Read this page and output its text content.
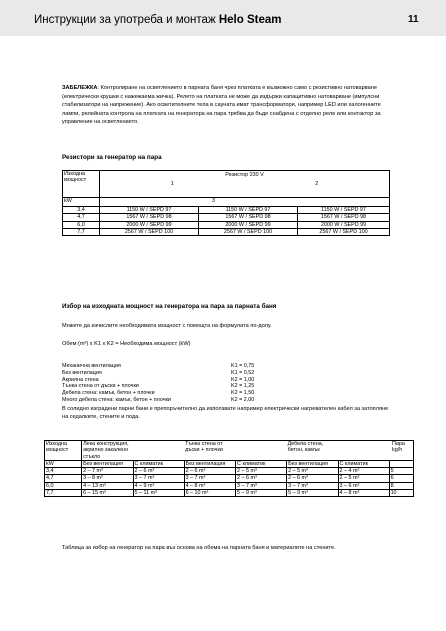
Инструкции за употреба и монтаж Helo Steam	11
ЗАБЕЛЕЖКА: Контролиране на осветлението в парната баня чрез платката е възможно само с резистивно натоварване (електрически крушки с нажежаема жичка). Релето на платката не може да издържи капацитивно натоварване (импулсни стабилизатори на напрежение). Ако осветителните тела в сауната имат трансформатори, например LED или халогенните лампи, релейната контрола на платката на генератора на пара трябва да бъде снабдена с отделно реле или контактор за управление на осветлението.
Резистори за генератор на пара
Изходна мощност	Резистор 230 V
1 2		

kW	3		
3,4	1150 W / SEPD 97	1150 W / SEPD 97	1150 W / SEPD 97
4,7	1567 W / SEPD 98	1567 W / SEPD 98	1567 W / SEPD 98
6,0	2000 W / SEPD 99	2000 W / SEPD 99	2000 W / SEPD 99
7,7	2567 W / SEPD 100	2567 W / SEPD 100	2567 W / SEPD 100
Избор на изходната мощност на генератора на пара за парната баня
Можете да изчислите необходимата мощност с помощта на формулата по-долу.
Обем (m³) x K1 x K2 = Необходима мощност (kW)
Механична вентилация	K1 = 0,75
Без вентилация	K1 = 0,52
Акрилна стена	K2 = 1,00
Тънка стена от дъски + плочки	K2 = 1,25
Дебела стена: камък, бетон + плочки	K2 = 1,50
Много дебела стена: камък, бетон + плочки	K2 = 2,00
В солидно изградени парни бани е препоръчително да използвате например електрически нагревателен кабел за затопляне на седалките, стените и пода.
Изходна мощност	Лека конструкция, акрилно закалено стъкло		Тънка стена от дъски + плочки		Дебела стена, бетон, камък		Пара kg/h

kW	Без вентилация	С климатик	Без вентилация	С климатик	Без вентилация	С климатик	
3,4	2 – 7 m³	2 – 6 m³	2 – 6 m³	2 – 5 m³	2 – 5 m³	2 – 4 m³	5
4,7	3 – 8 m³	3 – 7 m³	3 – 7 m³	2 – 6 m³	2 – 6 m³	2 – 5 m³	6
6,0	4 – 13 m³	4 – 9 m³	4 – 8 m³	3 – 7 m³	3 – 7 m³	3 – 6 m³	8
7,7	6 – 15 m³	5 – 11 m³	6 – 10 m³	5 – 9 m³	5 – 9 m³	4 – 8 m³	10
Таблица за избор на генератор на пара въз основа на обема на парната баня и материалите на стените.
